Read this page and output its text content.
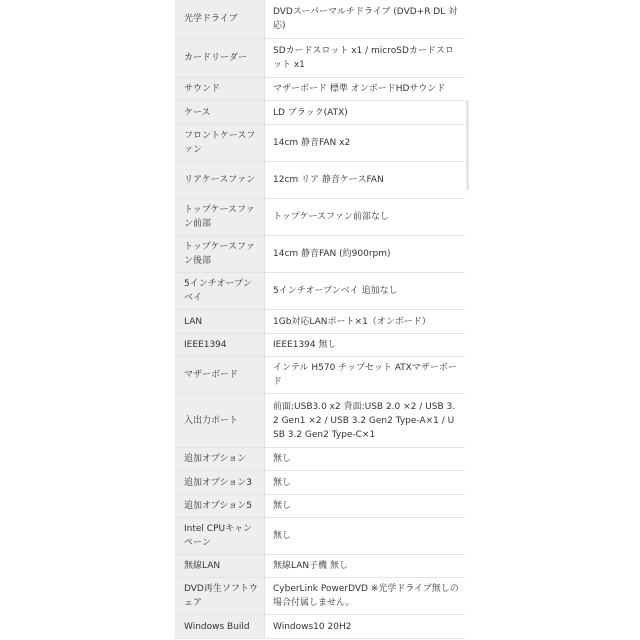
光学ドライブ	DVDスーパーマルチドライブ (DVD+R DL 対応)
カードリーダー	SDカードスロット x1 / microSDカードスロット x1
サウンド	マザーボード 標準 オンボードHDサウンド
ケース	LD ブラック(ATX)
フロントケースファン	14cm 静音FAN x2
リアケースファン	12cm リア 静音ケースFAN
トップケースファン前部	トップケースファン前部なし
トップケースファン後部	14cm 静音FAN (約900rpm)
5インチオープンベイ	5インチオープンベイ 追加なし
LAN	1Gb対応LANポート×1（オンボード）
IEEE1394	IEEE1394 無し
マザーボード	インテル H570 チップセット ATXマザーボード
入出力ポート	前面:USB3.0 x2 背面:USB 2.0 ×2 / USB 3.2 Gen1 ×2 / USB 3.2 Gen2 Type-A×1 / USB 3.2 Gen2 Type-C×1
追加オプション	無し
追加オプション3	無し
追加オプション5	無し
Intel CPUキャンペーン	無し
無線LAN	無線LAN子機 無し
DVD再生ソフトウェア	CyberLink PowerDVD ※光学ドライブ無しの場合付属しません。
Windows Build	Windows10 20H2
